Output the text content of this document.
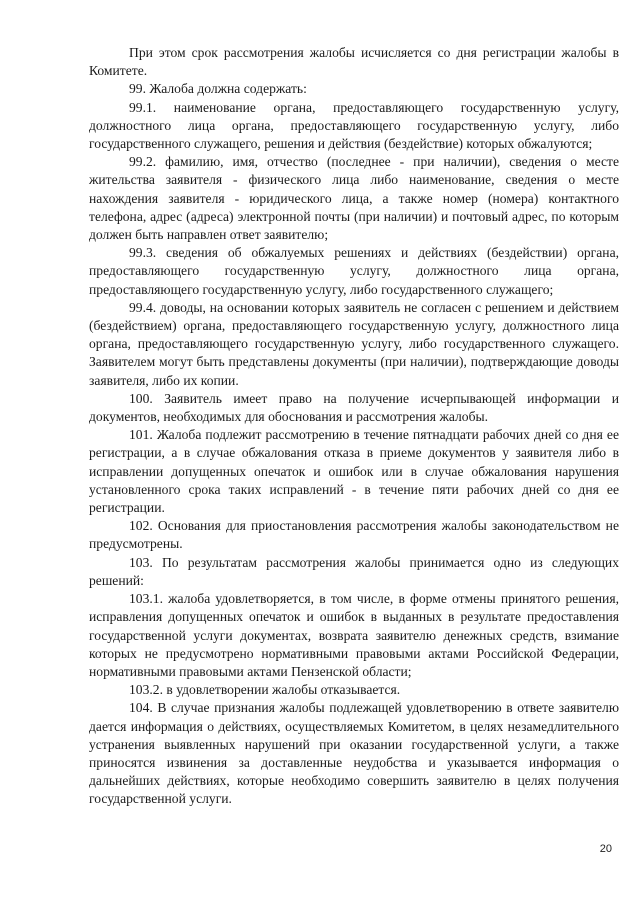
При этом срок рассмотрения жалобы исчисляется со дня регистрации жалобы в Комитете.

99. Жалоба должна содержать:

99.1. наименование органа, предоставляющего государственную услугу, должностного лица органа, предоставляющего государственную услугу, либо государственного служащего, решения и действия (бездействие) которых обжалуются;

99.2. фамилию, имя, отчество (последнее - при наличии), сведения о месте жительства заявителя - физического лица либо наименование, сведения о месте нахождения заявителя - юридического лица, а также номер (номера) контактного телефона, адрес (адреса) электронной почты (при наличии) и почтовый адрес, по которым должен быть направлен ответ заявителю;

99.3. сведения об обжалуемых решениях и действиях (бездействии) органа, предоставляющего государственную услугу, должностного лица органа, предоставляющего государственную услугу, либо государственного служащего;

99.4. доводы, на основании которых заявитель не согласен с решением и действием (бездействием) органа, предоставляющего государственную услугу, должностного лица органа, предоставляющего государственную услугу, либо государственного служащего. Заявителем могут быть представлены документы (при наличии), подтверждающие доводы заявителя, либо их копии.

100. Заявитель имеет право на получение исчерпывающей информации и документов, необходимых для обоснования и рассмотрения жалобы.

101. Жалоба подлежит рассмотрению в течение пятнадцати рабочих дней со дня ее регистрации, а в случае обжалования отказа в приеме документов у заявителя либо в исправлении допущенных опечаток и ошибок или в случае обжалования нарушения установленного срока таких исправлений - в течение пяти рабочих дней со дня ее регистрации.

102. Основания для приостановления рассмотрения жалобы законодательством не предусмотрены.

103. По результатам рассмотрения жалобы принимается одно из следующих решений:

103.1. жалоба удовлетворяется, в том числе, в форме отмены принятого решения, исправления допущенных опечаток и ошибок в выданных в результате предоставления государственной услуги документах, возврата заявителю денежных средств, взимание которых не предусмотрено нормативными правовыми актами Российской Федерации, нормативными правовыми актами Пензенской области;

103.2. в удовлетворении жалобы отказывается.

104. В случае признания жалобы подлежащей удовлетворению в ответе заявителю дается информация о действиях, осуществляемых Комитетом, в целях незамедлительного устранения выявленных нарушений при оказании государственной услуги, а также приносятся извинения за доставленные неудобства и указывается информация о дальнейших действиях, которые необходимо совершить заявителю в целях получения государственной услуги.

20
